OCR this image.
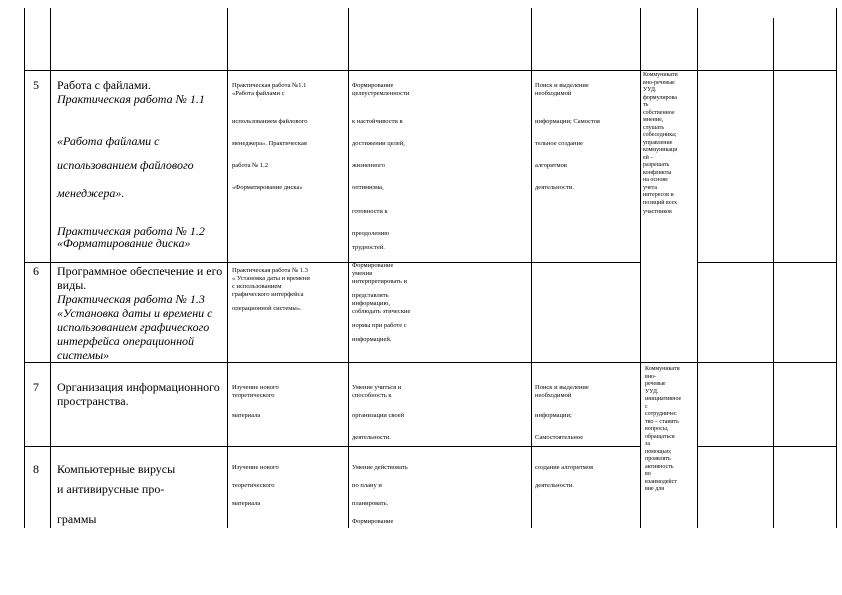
5 Работа с файлами.
Практическая работа № 1.1
«Работа файлами с
использованием файлового
менеджера».
Практическая работа № 1.2
«Форматирование диска»
Практическая работа №1.1
«Работа файлами с
использованием файлового
менеджера». Практическая
работа № 1.2
«Форматирование диска»
Формирование
целеустремленности
к настойчивости в
достижении целей,
жизненного
оптимизма,
готовности к
преодолению
трудностей.
Поиск и выделение
необходимой
информации; Самостоя
тельное создание
алгоритмов
деятельности.
Коммуникати
вно-речевые
УУД.
формулирова
ть
собственное
мнение,
слушать
собеседника;
управление
коммуникаци
ей –
разрешать
конфликты
на основе
учета
интересов и
позиций всех
участников
6 Программное обеспечение и его
виды.
Практическая работа № 1.3
«Установка даты и времени с
использованием графического
интерфейса операционной
системы»
Практическая работа № 1.3
« Установка даты и времени
с использованием
графического интерфейса
операционной системы».
Формирование
умения
интерпретировать и
представлять
информацию,
соблюдать этические
нормы при работе с
информацией.
7 Организация информационного
пространства.
Изучение нового
теоретического
материала
Умение учиться и
способность к
организации своей
деятельности.
Поиск и выделение
необходимой
информации;
Самостоятельное
Коммуникати
вно-
речевые
УУД.
инициативное
с
сотрудничес
тво – ставить
вопросы,
обращаться
за
помощью;
проявлять
активность
во
взаимодейст
вие для
8 Компьютерные вирусы
и антивирусные про-
граммы
Изучение нового
теоретического
материала
Умение действовать
по плану и
планировать.
Формирование
создание алгоритмов
деятельности.
